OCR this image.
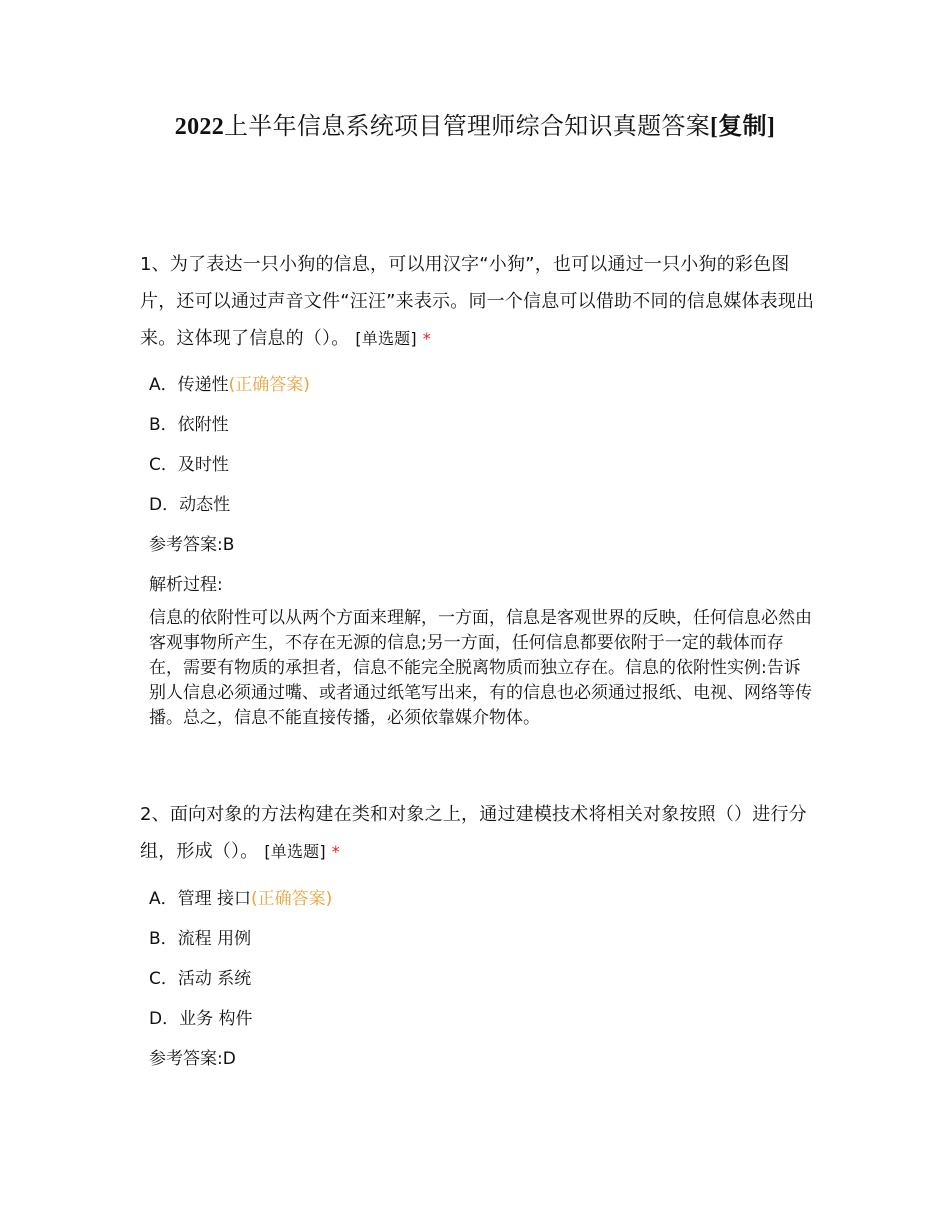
2022上半年信息系统项目管理师综合知识真题答案[复制]

1、为了表达一只小狗的信息，可以用汉字“小狗”，也可以通过一只小狗的彩色图片，还可以通过声音文件“汪汪”来表示。同一个信息可以借助不同的信息媒体表现出来。这体现了信息的（）。 [单选题] *

A．传递性(正确答案)
B．依附性
C．及时性
D．动态性
参考答案:B
解析过程:

信息的依附性可以从两个方面来理解，一方面，信息是客观世界的反映，任何信息必然由客观事物所产生，不存在无源的信息;另一方面，任何信息都要依附于一定的载体而存在，需要有物质的承担者，信息不能完全脱离物质而独立存在。信息的依附性实例:告诉别人信息必须通过嘴、或者通过纸笔写出来，有的信息也必须通过报纸、电视、网络等传播。总之，信息不能直接传播，必须依靠媒介物体。

2、面向对象的方法构建在类和对象之上，通过建模技术将相关对象按照（）进行分组，形成（）。 [单选题] *

A．管理 接口(正确答案)
B．流程 用例
C．活动 系统
D．业务 构件
参考答案:D
